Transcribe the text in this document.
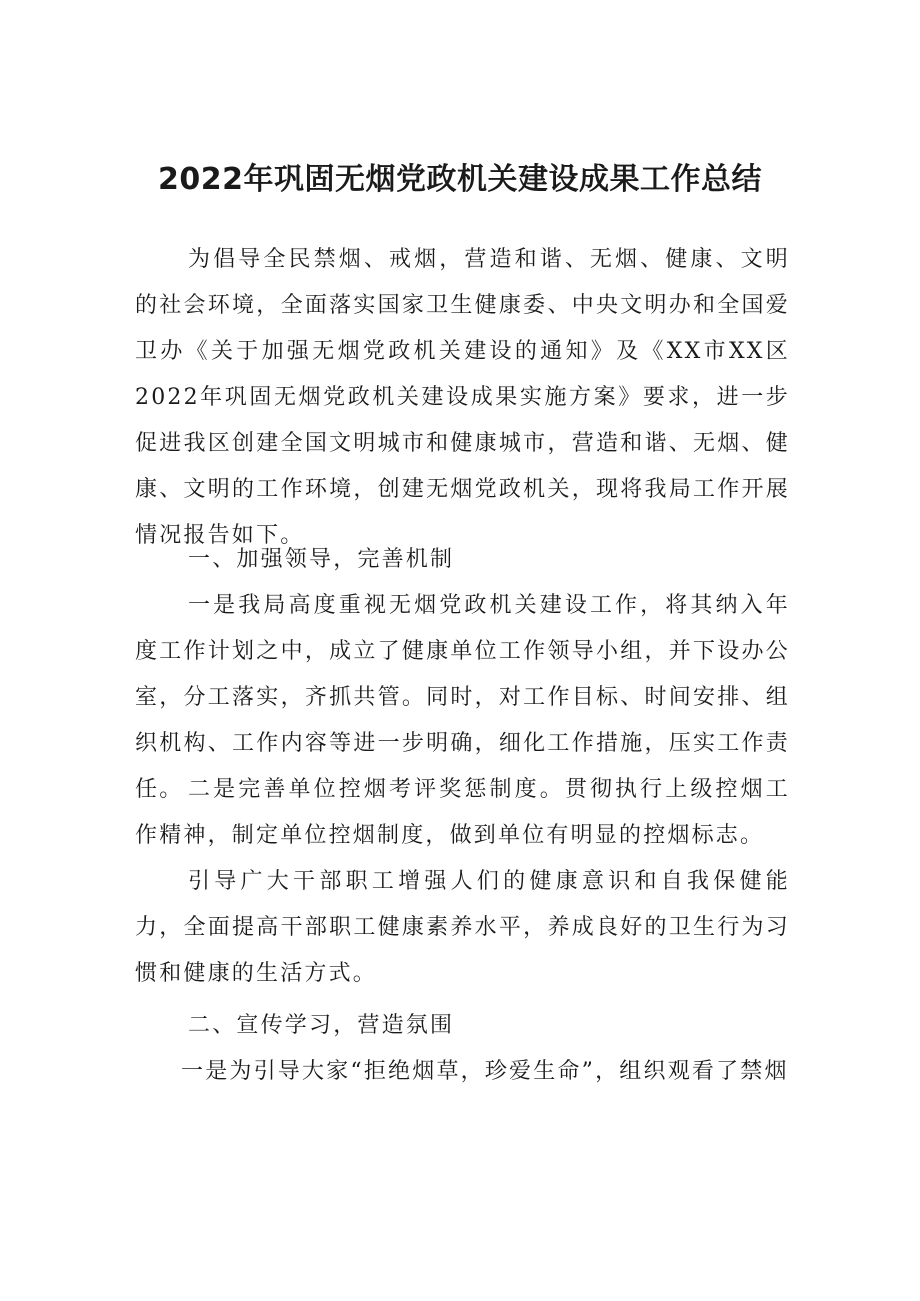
2022年巩固无烟党政机关建设成果工作总结

为倡导全民禁烟、戒烟，营造和谐、无烟、健康、文明的社会环境，全面落实国家卫生健康委、中央文明办和全国爱卫办《关于加强无烟党政机关建设的通知》及《XX市XX区2022年巩固无烟党政机关建设成果实施方案》要求，进一步促进我区创建全国文明城市和健康城市，营造和谐、无烟、健康、文明的工作环境，创建无烟党政机关，现将我局工作开展情况报告如下。

一、加强领导，完善机制

一是我局高度重视无烟党政机关建设工作，将其纳入年度工作计划之中，成立了健康单位工作领导小组，并下设办公室，分工落实，齐抓共管。同时，对工作目标、时间安排、组织机构、工作内容等进一步明确，细化工作措施，压实工作责任。 二是完善单位控烟考评奖惩制度。贯彻执行上级控烟工作精神，制定单位控烟制度，做到单位有明显的控烟标志。

引导广大干部职工增强人们的健康意识和自我保健能力，全面提高干部职工健康素养水平，养成良好的卫生行为习惯和健康的生活方式。

二、宣传学习，营造氛围

一是为引导大家“拒绝烟草，珍爱生命”，组织观看了禁烟
